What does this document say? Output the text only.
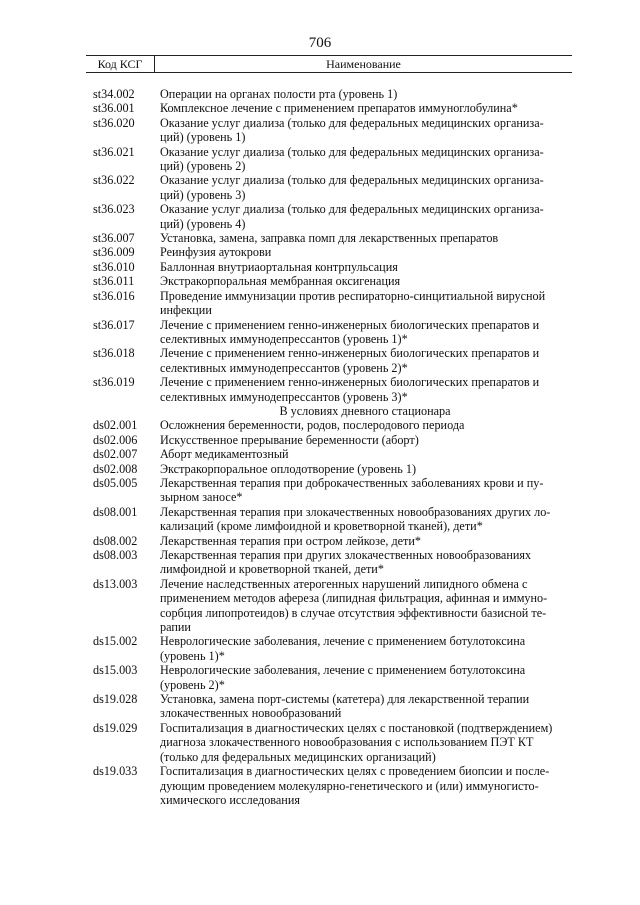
706
Код КСГ	Наименование
st34.002	Операции на органах полости рта (уровень 1)
st36.001	Комплексное лечение с применением препаратов иммуноглобулина*
st36.020	Оказание услуг диализа (только для федеральных медицинских организа-
ций) (уровень 1)
st36.021	Оказание услуг диализа (только для федеральных медицинских организа-
ций) (уровень 2)
st36.022	Оказание услуг диализа (только для федеральных медицинских организа-
ций) (уровень 3)
st36.023	Оказание услуг диализа (только для федеральных медицинских организа-
ций) (уровень 4)
st36.007	Установка, замена, заправка помп для лекарственных препаратов
st36.009	Реинфузия аутокрови
st36.010	Баллонная внутриаортальная контрпульсация
st36.011	Экстракорпоральная мембранная оксигенация
st36.016	Проведение иммунизации против респираторно-синцитиальной вирусной
инфекции
st36.017	Лечение с применением генно-инженерных биологических препаратов и
селективных иммунодепрессантов (уровень 1)*
st36.018	Лечение с применением генно-инженерных биологических препаратов и
селективных иммунодепрессантов (уровень 2)*
st36.019	Лечение с применением генно-инженерных биологических препаратов и
селективных иммунодепрессантов (уровень 3)*
В условиях дневного стационара
ds02.001	Осложнения беременности, родов, послеродового периода
ds02.006	Искусственное прерывание беременности (аборт)
ds02.007	Аборт медикаментозный
ds02.008	Экстракорпоральное оплодотворение (уровень 1)
ds05.005	Лекарственная терапия при доброкачественных заболеваниях крови и пу-
зырном заносе*
ds08.001	Лекарственная терапия при злокачественных новообразованиях других ло-
кализаций (кроме лимфоидной и кроветворной тканей), дети*
ds08.002	Лекарственная терапия при остром лейкозе, дети*
ds08.003	Лекарственная терапия при других злокачественных новообразованиях
лимфоидной и кроветворной тканей, дети*
ds13.003	Лечение наследственных атерогенных нарушений липидного обмена с
применением методов афереза (липидная фильтрация, афинная и иммуно-
сорбция липопротеидов) в случае отсутствия эффективности базисной те-
рапии
ds15.002	Неврологические заболевания, лечение с применением ботулотоксина
(уровень 1)*
ds15.003	Неврологические заболевания, лечение с применением ботулотоксина
(уровень 2)*
ds19.028	Установка, замена порт-системы (катетера) для лекарственной терапии
злокачественных новообразований
ds19.029	Госпитализация в диагностических целях с постановкой (подтверждением)
диагноза злокачественного новообразования с использованием ПЭТ КТ
(только для федеральных медицинских организаций)
ds19.033	Госпитализация в диагностических целях с проведением биопсии и после-
дующим проведением молекулярно-генетического и (или) иммуногисто-
химического исследования
